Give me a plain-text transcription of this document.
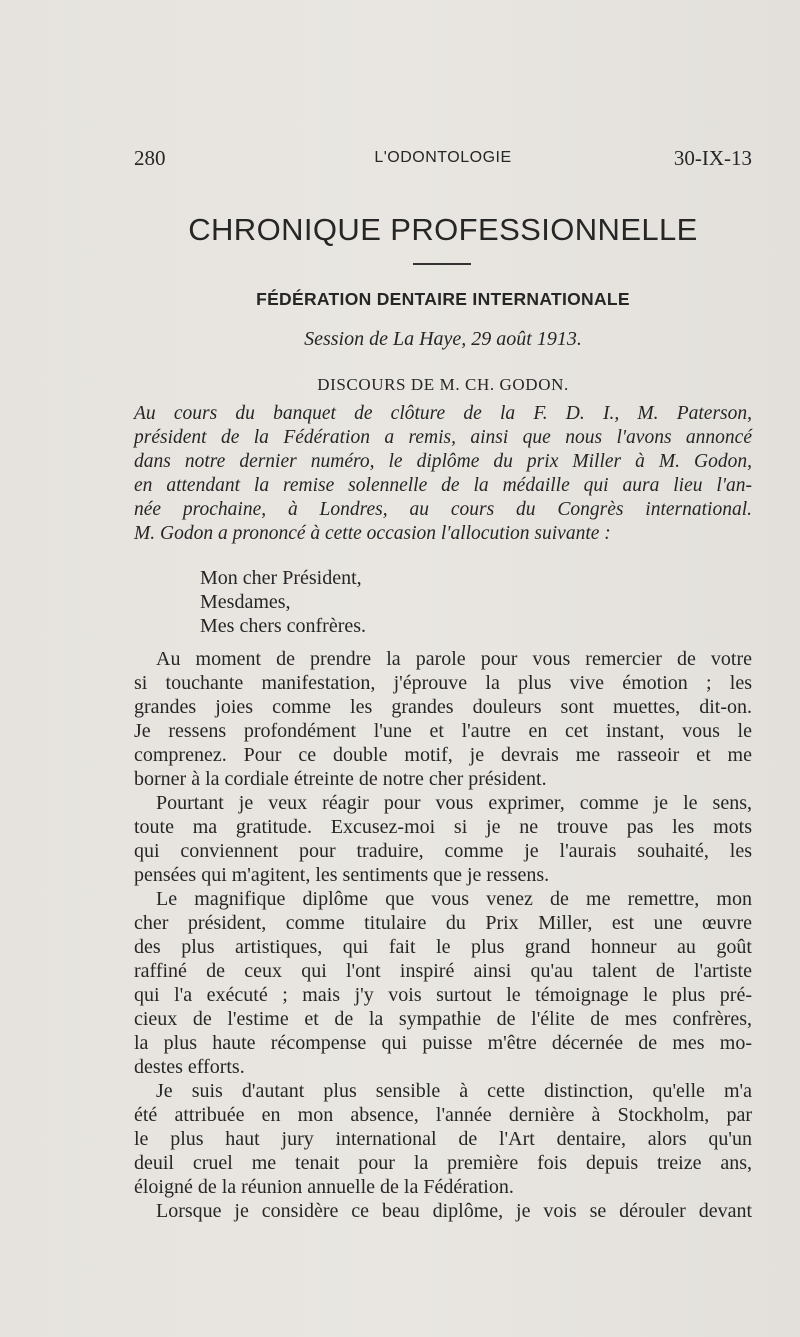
280	L'ODONTOLOGIE	30-IX-13
CHRONIQUE PROFESSIONNELLE
FÉDÉRATION DENTAIRE INTERNATIONALE
Session de La Haye, 29 août 1913.
DISCOURS DE M. CH. GODON.
Au cours du banquet de clôture de la F. D. I., M. Paterson,
président de la Fédération a remis, ainsi que nous l'avons annoncé
dans notre dernier numéro, le diplôme du prix Miller à M. Godon,
en attendant la remise solennelle de la médaille qui aura lieu l'an-
née prochaine, à Londres, au cours du Congrès international.
M. Godon a prononcé à cette occasion l'allocution suivante :
Mon cher Président,
Mesdames,
Mes chers confrères.
Au moment de prendre la parole pour vous remercier de votre
si touchante manifestation, j'éprouve la plus vive émotion ; les
grandes joies comme les grandes douleurs sont muettes, dit-on.
Je ressens profondément l'une et l'autre en cet instant, vous le
comprenez. Pour ce double motif, je devrais me rasseoir et me
borner à la cordiale étreinte de notre cher président.
Pourtant je veux réagir pour vous exprimer, comme je le sens,
toute ma gratitude. Excusez-moi si je ne trouve pas les mots
qui conviennent pour traduire, comme je l'aurais souhaité, les
pensées qui m'agitent, les sentiments que je ressens.
Le magnifique diplôme que vous venez de me remettre, mon
cher président, comme titulaire du Prix Miller, est une œuvre
des plus artistiques, qui fait le plus grand honneur au goût
raffiné de ceux qui l'ont inspiré ainsi qu'au talent de l'artiste
qui l'a exécuté ; mais j'y vois surtout le témoignage le plus pré-
cieux de l'estime et de la sympathie de l'élite de mes confrères,
la plus haute récompense qui puisse m'être décernée de mes mo-
destes efforts.
Je suis d'autant plus sensible à cette distinction, qu'elle m'a
été attribuée en mon absence, l'année dernière à Stockholm, par
le plus haut jury international de l'Art dentaire, alors qu'un
deuil cruel me tenait pour la première fois depuis treize ans,
éloigné de la réunion annuelle de la Fédération.
Lorsque je considère ce beau diplôme, je vois se dérouler devant
